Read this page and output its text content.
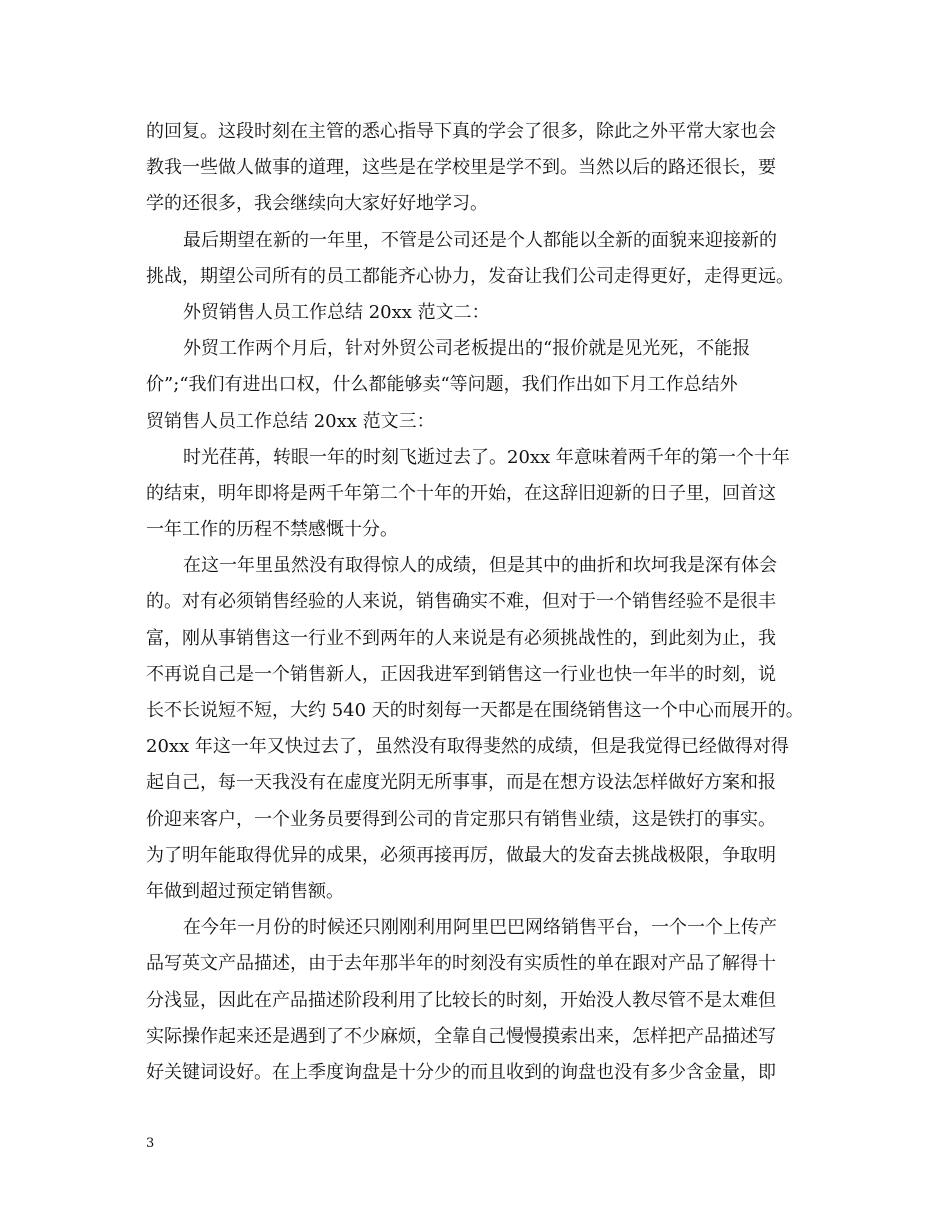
的回复。这段时刻在主管的悉心指导下真的学会了很多，除此之外平常大家也会
教我一些做人做事的道理，这些是在学校里是学不到。当然以后的路还很长，要
学的还很多，我会继续向大家好好地学习。
最后期望在新的一年里，不管是公司还是个人都能以全新的面貌来迎接新的
挑战，期望公司所有的员工都能齐心协力，发奋让我们公司走得更好，走得更远。
外贸销售人员工作总结 20xx 范文二：
外贸工作两个月后，针对外贸公司老板提出的“报价就是见光死，不能报
价”;“我们有进出口权，什么都能够卖“等问题，我们作出如下月工作总结外
贸销售人员工作总结 20xx 范文三：
时光荏苒，转眼一年的时刻飞逝过去了。20xx 年意味着两千年的第一个十年
的结束，明年即将是两千年第二个十年的开始，在这辞旧迎新的日子里，回首这
一年工作的历程不禁感慨十分。
在这一年里虽然没有取得惊人的成绩，但是其中的曲折和坎坷我是深有体会
的。对有必须销售经验的人来说，销售确实不难，但对于一个销售经验不是很丰
富，刚从事销售这一行业不到两年的人来说是有必须挑战性的，到此刻为止，我
不再说自己是一个销售新人，正因我进军到销售这一行业也快一年半的时刻，说
长不长说短不短，大约 540 天的时刻每一天都是在围绕销售这一个中心而展开的。
20xx 年这一年又快过去了，虽然没有取得斐然的成绩，但是我觉得已经做得对得
起自己，每一天我没有在虚度光阴无所事事，而是在想方设法怎样做好方案和报
价迎来客户，一个业务员要得到公司的肯定那只有销售业绩，这是铁打的事实。
为了明年能取得优异的成果，必须再接再厉，做最大的发奋去挑战极限，争取明
年做到超过预定销售额。
在今年一月份的时候还只刚刚利用阿里巴巴网络销售平台，一个一个上传产
品写英文产品描述，由于去年那半年的时刻没有实质性的单在跟对产品了解得十
分浅显，因此在产品描述阶段利用了比较长的时刻，开始没人教尽管不是太难但
实际操作起来还是遇到了不少麻烦，全靠自己慢慢摸索出来，怎样把产品描述写
好关键词设好。在上季度询盘是十分少的而且收到的询盘也没有多少含金量，即
3
